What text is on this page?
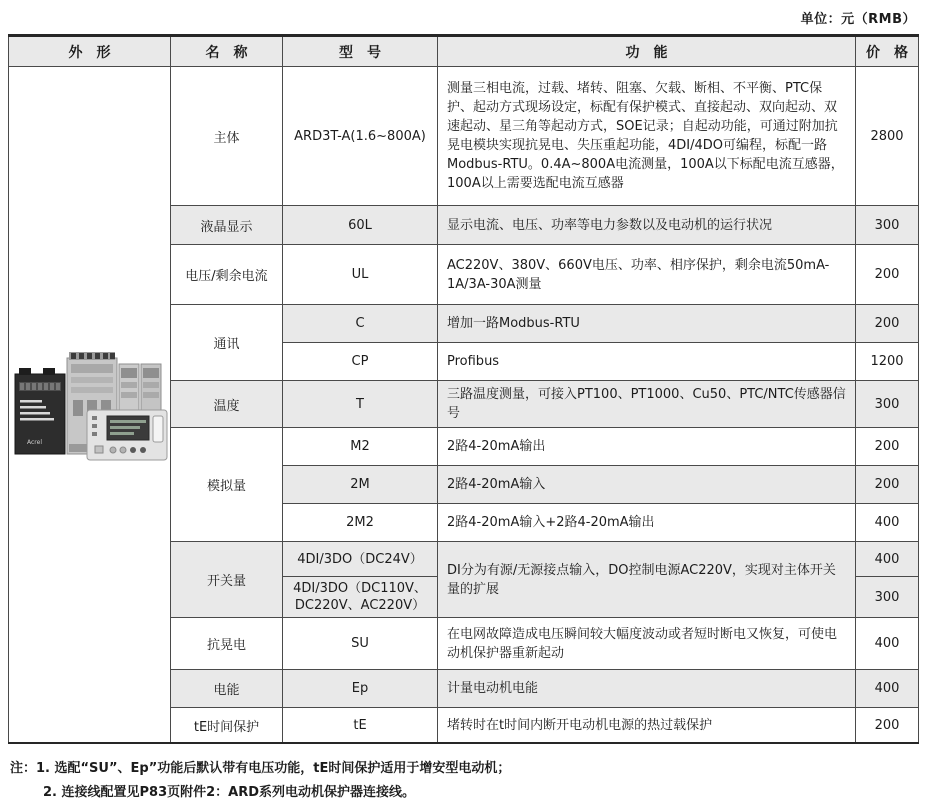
单位：元（RMB）
外　形	名　称	型　号	功　能	价　格

Acrel	主体	ARD3T-A(1.6~800A)	测量三相电流，过载、堵转、阻塞、欠载、断相、不平衡、PTC保护、起动方式现场设定，标配有保护模式、直接起动、双向起动、双速起动、星三角等起动方式，SOE记录；自起动功能，可通过附加抗晃电模块实现抗晃电、失压重起功能，4DI/4DO可编程，标配一路Modbus-RTU。0.4A~800A电流测量，100A以下标配电流互感器，100A以上需要选配电流互感器	2800
	液晶显示	60L	显示电流、电压、功率等电力参数以及电动机的运行状况	300
	电压/剩余电流	UL	AC220V、380V、660V电压、功率、相序保护，剩余电流50mA-1A/3A-30A测量	200
	通讯	C	增加一路Modbus-RTU	200
		CP	Profibus	1200
	温度	T	三路温度测量，可接入PT100、PT1000、Cu50、PTC/NTC传感器信号	300
	模拟量	M2	2路4-20mA输出	200
		2M	2路4-20mA输入	200
		2M2	2路4-20mA输入+2路4-20mA输出	400
	开关量	4DI/3DO（DC24V）	DI分为有源/无源接点输入，DO控制电源AC220V，实现对主体开关量的扩展	400
		4DI/3DO（DC110V、DC220V、AC220V）		300
	抗晃电	SU	在电网故障造成电压瞬间较大幅度波动或者短时断电又恢复，可使电动机保护器重新起动	400
	电能	Ep	计量电动机电能	400
	tE时间保护	tE	堵转时在t时间内断开电动机电源的热过载保护	200
注：1. 选配“SU”、Ep”功能后默认带有电压功能，tE时间保护适用于增安型电动机；
2. 连接线配置见P83页附件2：ARD系列电动机保护器连接线。
